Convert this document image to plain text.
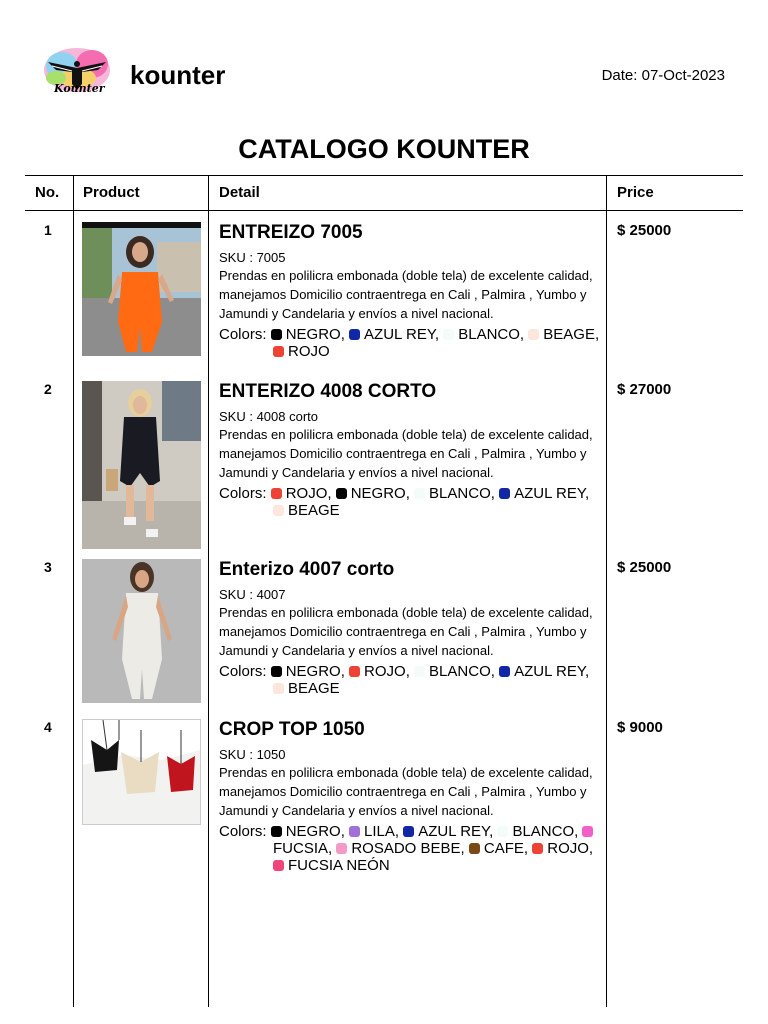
Kounter kounter	Date: 07-Oct-2023
CATALOGO KOUNTER
No. Product	Detail	Price
1	ENTREIZO 7005
SKU : 7005
Prendas en polilicra embonada (doble tela) de excelente calidad, manejamos Domicilio contraentrega en Cali , Palmira , Yumbo y Jamundi y Candelaria y envíos a nivel nacional.
Colors: NEGRO, AZUL REY, BLANCO, BEAGE, ROJO
$ 25000
2	ENTERIZO 4008 CORTO
SKU : 4008 corto
Prendas en polilicra embonada (doble tela) de excelente calidad, manejamos Domicilio contraentrega en Cali , Palmira , Yumbo y Jamundi y Candelaria y envíos a nivel nacional.
Colors: ROJO, NEGRO, BLANCO, AZUL REY, BEAGE
$ 27000
3	Enterizo 4007 corto
SKU : 4007
Prendas en polilicra embonada (doble tela) de excelente calidad, manejamos Domicilio contraentrega en Cali , Palmira , Yumbo y Jamundi y Candelaria y envíos a nivel nacional.
Colors: NEGRO, ROJO, BLANCO, AZUL REY, BEAGE
$ 25000
4	CROP TOP 1050
SKU : 1050
Prendas en polilicra embonada (doble tela) de excelente calidad, manejamos Domicilio contraentrega en Cali , Palmira , Yumbo y Jamundi y Candelaria y envíos a nivel nacional.
Colors: NEGRO, LILA, AZUL REY, BLANCO, FUCSIA, ROSADO BEBE, CAFE, ROJO, FUCSIA NEÓN
$ 9000
